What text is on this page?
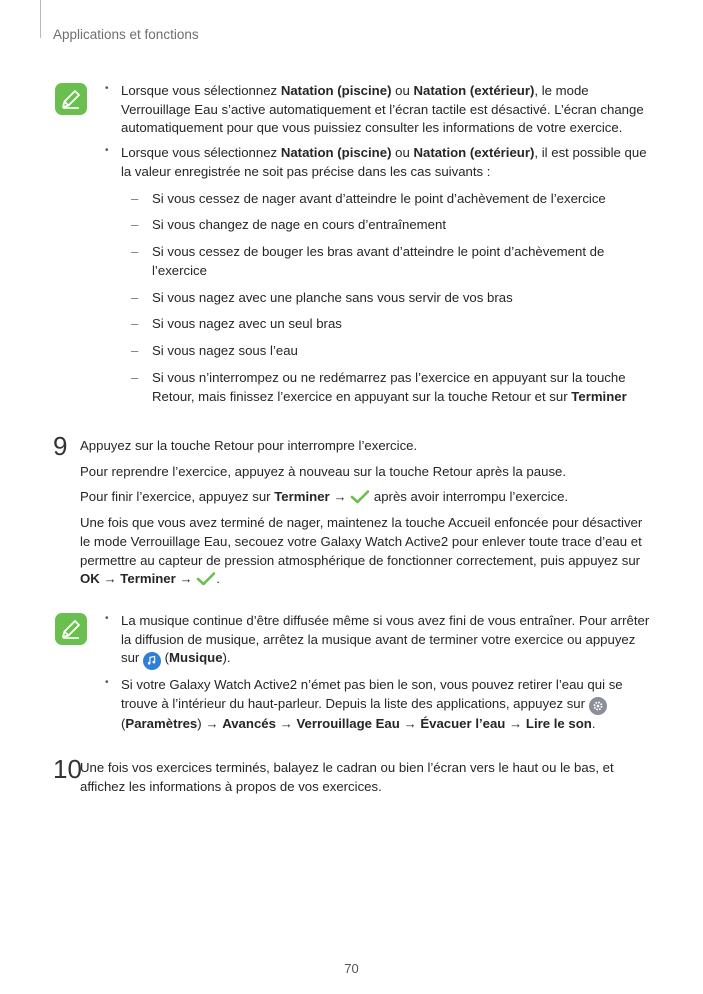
Applications et fonctions
• Lorsque vous sélectionnez Natation (piscine) ou Natation (extérieur), le mode Verrouillage Eau s’active automatiquement et l’écran tactile est désactivé. L’écran change automatiquement pour que vous puissiez consulter les informations de votre exercice.
• Lorsque vous sélectionnez Natation (piscine) ou Natation (extérieur), il est possible que la valeur enregistrée ne soit pas précise dans les cas suivants :
– Si vous cessez de nager avant d’atteindre le point d’achèvement de l’exercice
– Si vous changez de nage en cours d’entraînement
– Si vous cessez de bouger les bras avant d’atteindre le point d’achèvement de l’exercice
– Si vous nagez avec une planche sans vous servir de vos bras
– Si vous nagez avec un seul bras
– Si vous nagez sous l’eau
– Si vous n’interrompez ou ne redémarrez pas l’exercice en appuyant sur la touche Retour, mais finissez l’exercice en appuyant sur la touche Retour et sur Terminer
9 Appuyez sur la touche Retour pour interrompre l’exercice.

Pour reprendre l’exercice, appuyez à nouveau sur la touche Retour après la pause.

Pour finir l’exercice, appuyez sur Terminer →  après avoir interrompu l’exercice.

Une fois que vous avez terminé de nager, maintenez la touche Accueil enfoncée pour désactiver le mode Verrouillage Eau, secouez votre Galaxy Watch Active2 pour enlever toute trace d’eau et permettre au capteur de pression atmosphérique de fonctionner correctement, puis appuyez sur OK → Terminer → .

• La musique continue d’être diffusée même si vous avez fini de vous entraîner. Pour arrêter la diffusion de musique, arrêtez la musique avant de terminer votre exercice ou appuyez sur
(Musique).
• Si votre Galaxy Watch Active2 n’émet pas bien le son, vous pouvez retirer l’eau qui se trouve à l’intérieur du haut-parleur. Depuis la liste des applications, appuyez sur

(Paramètres) → Avancés → Verrouillage Eau → Évacuer l’eau → Lire le son.
10

Une fois vos exercices terminés, balayez le cadran ou bien l’écran vers le haut ou le bas, et affichez les informations à propos de vos exercices.

70
